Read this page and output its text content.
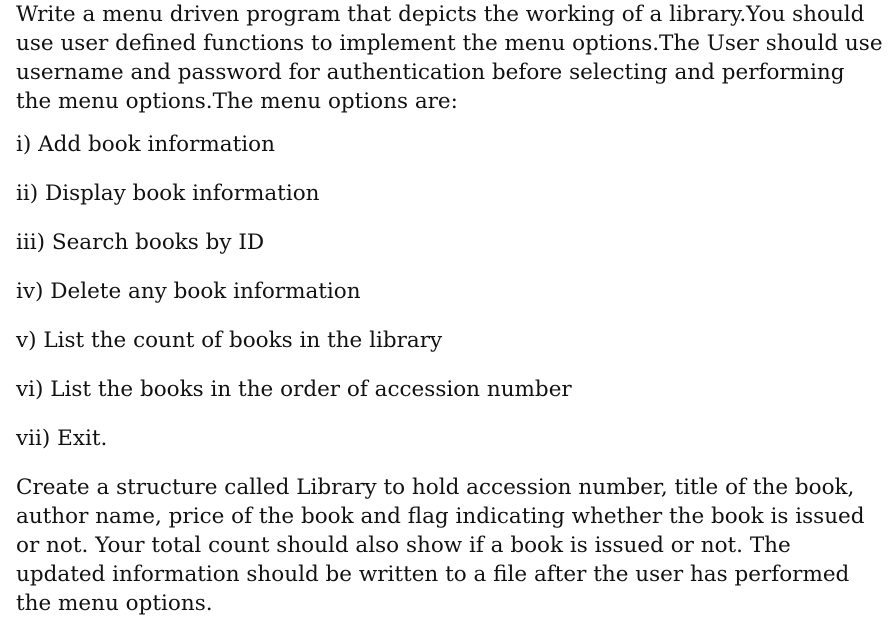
Write a menu driven program that depicts the working of a library.You should use user defined functions to implement the menu options.The User should use username and password for authentication before selecting and performing the menu options.The menu options are:

i) Add book information
ii) Display book information
iii) Search books by ID
iv) Delete any book information
v) List the count of books in the library
vi) List the books in the order of accession number
vii) Exit.

Create a structure called Library to hold accession number, title of the book, author name, price of the book and flag indicating whether the book is issued or not. Your total count should also show if a book is issued or not. The updated information should be written to a file after the user has performed the menu options.
